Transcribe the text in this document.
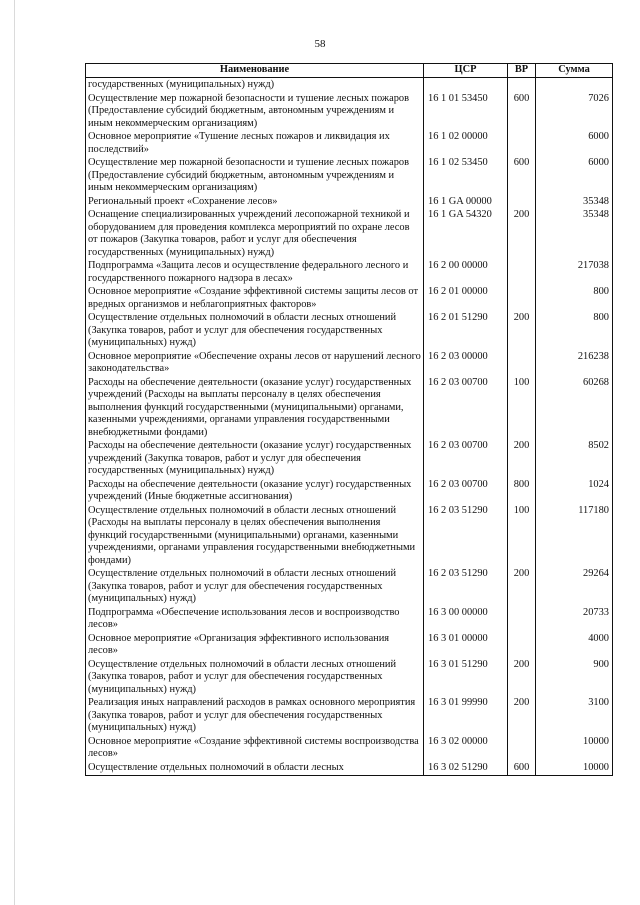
58
Наименование	ЦСР	ВР	Сумма
государственных (муниципальных) нужд)			
Осуществление мер пожарной безопасности и тушение лесных пожаров (Предоставление субсидий бюджетным, автономным учреждениям и иным некоммерческим организациям)	16 1 01 53450	600	7026
Основное мероприятие «Тушение лесных пожаров и ликвидация их последствий»	16 1 02 00000		6000
Осуществление мер пожарной безопасности и тушение лесных пожаров (Предоставление субсидий бюджетным, автономным учреждениям и иным некоммерческим организациям)	16 1 02 53450	600	6000
Региональный проект «Сохранение лесов»	16 1 GA 00000		35348
Оснащение специализированных учреждений лесопожарной техникой и оборудованием для проведения комплекса мероприятий по охране лесов от пожаров (Закупка товаров, работ и услуг для обеспечения государственных (муниципальных) нужд)	16 1 GA 54320	200	35348
Подпрограмма «Защита лесов и осуществление федерального лесного и государственного пожарного надзора в лесах»	16 2 00 00000		217038
Основное мероприятие «Создание эффективной системы защиты лесов от вредных организмов и неблагоприятных факторов»	16 2 01 00000		800
Осуществление отдельных полномочий в области лесных отношений (Закупка товаров, работ и услуг для обеспечения государственных (муниципальных) нужд)	16 2 01 51290	200	800
Основное мероприятие «Обеспечение охраны лесов от нарушений лесного законодательства»	16 2 03 00000		216238
Расходы на обеспечение деятельности (оказание услуг) государственных учреждений (Расходы на выплаты персоналу в целях обеспечения выполнения функций государственными (муниципальными) органами, казенными учреждениями, органами управления государственными внебюджетными фондами)	16 2 03 00700	100	60268
Расходы на обеспечение деятельности (оказание услуг) государственных учреждений (Закупка товаров, работ и услуг для обеспечения государственных (муниципальных) нужд)	16 2 03 00700	200	8502
Расходы на обеспечение деятельности (оказание услуг) государственных учреждений (Иные бюджетные ассигнования)	16 2 03 00700	800	1024
Осуществление отдельных полномочий в области лесных отношений (Расходы на выплаты персоналу в целях обеспечения выполнения функций государственными (муниципальными) органами, казенными учреждениями, органами управления государственными внебюджетными фондами)	16 2 03 51290	100	117180
Осуществление отдельных полномочий в области лесных отношений (Закупка товаров, работ и услуг для обеспечения государственных (муниципальных) нужд)	16 2 03 51290	200	29264
Подпрограмма «Обеспечение использования лесов и воспроизводство лесов»	16 3 00 00000		20733
Основное мероприятие «Организация эффективного использования лесов»	16 3 01 00000		4000
Осуществление отдельных полномочий в области лесных отношений (Закупка товаров, работ и услуг для обеспечения государственных (муниципальных) нужд)	16 3 01 51290	200	900
Реализация иных направлений расходов в рамках основного мероприятия (Закупка товаров, работ и услуг для обеспечения государственных (муниципальных) нужд)	16 3 01 99990	200	3100
Основное мероприятие «Создание эффективной системы воспроизводства лесов»	16 3 02 00000		10000
Осуществление отдельных полномочий в области лесных	16 3 02 51290	600	10000
